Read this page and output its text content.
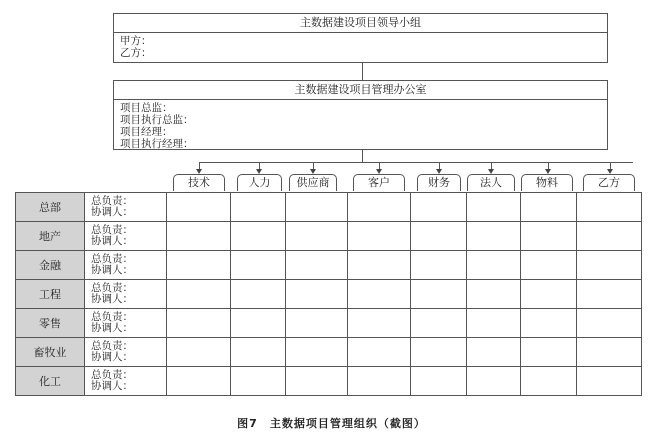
主数据建设项目领导小组
甲方：
乙方：
主数据建设项目管理办公室
项目总监：
项目执行总监：
项目经理：
项目执行经理：
技术	人力	供应商	客户	财务	法人	物料	乙方
总部	总负责：
协调人：								

地产	总负责：
协调人：								

金融	总负责：
协调人：								

工程	总负责：
协调人：								

零售	总负责：
协调人：								

畜牧业	总负责：
协调人：								

化工	总负责：
协调人：								

图7　主数据项目管理组织（截图）
